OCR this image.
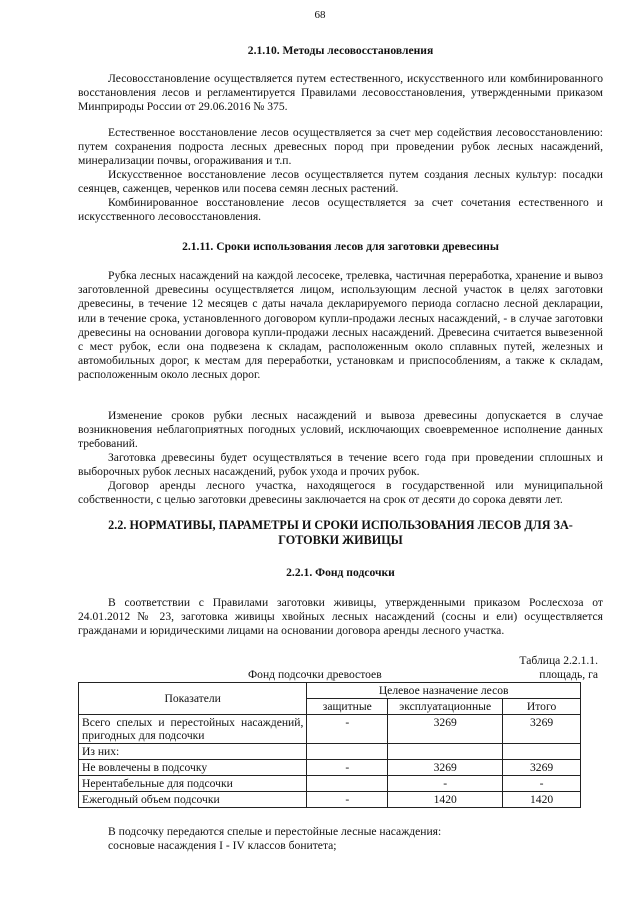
68
2.1.10. Методы лесовосстановления

Лесовосстановление осуществляется путем естественного, искусственного или комбинированного восстановления лесов и регламентируется Правилами лесовосстановления, утвержденными приказом Минприроды России от 29.06.2016 № 375.

Естественное восстановление лесов осуществляется за счет мер содействия лесовосстановлению: путем сохранения подроста лесных древесных пород при проведении рубок лесных насаждений, минерализации почвы, огораживания и т.п.

Искусственное восстановление лесов осуществляется путем создания лесных культур: посадки сеянцев, саженцев, черенков или посева семян лесных растений.

Комбинированное восстановление лесов осуществляется за счет сочетания естественного и искусственного лесовосстановления.

2.1.11. Сроки использования лесов для заготовки древесины

Рубка лесных насаждений на каждой лесосеке, трелевка, частичная переработка, хранение и вывоз заготовленной древесины осуществляется лицом, использующим лесной участок в целях заготовки древесины, в течение 12 месяцев с даты начала декларируемого периода согласно лесной декларации, или в течение срока, установленного договором купли-продажи лесных насаждений, - в случае заготовки древесины на основании договора купли-продажи лесных насаждений. Древесина считается вывезенной с мест рубок, если она подвезена к складам, расположенным около сплавных путей, железных и автомобильных дорог, к местам для переработки, установкам и приспособлениям, а также к складам, расположенным около лесных дорог.

Изменение сроков рубки лесных насаждений и вывоза древесины допускается в случае возникновения неблагоприятных погодных условий, исключающих своевременное исполнение данных требований.

Заготовка древесины будет осуществляться в течение всего года при проведении сплошных и выборочных рубок лесных насаждений, рубок ухода и прочих рубок.

Договор аренды лесного участка, находящегося в государственной или муниципальной собственности, с целью заготовки древесины заключается на срок от десяти до сорока девяти лет.

2.2. НОРМАТИВЫ, ПАРАМЕТРЫ И СРОКИ ИСПОЛЬЗОВАНИЯ ЛЕСОВ ДЛЯ ЗА-
ГОТОВКИ ЖИВИЦЫ
2.2.1. Фонд подсочки

В соответствии с Правилами заготовки живицы, утвержденными приказом Рослесхоза от 24.01.2012 № 23, заготовка живицы хвойных лесных насаждений (сосны и ели) осуществляется гражданами и юридическими лицами на основании договора аренды лесного участка.

Таблица 2.2.1.1.
Фонд подсочки древостоев	площадь, га
Показатели	Целевое назначение лесов		
	защитные	эксплуатационные	Итого
Всего спелых и перестойных насаждений, пригодных для подсочки	-	3269	3269
Из них:			
Не вовлечены в подсочку	-	3269	3269
Нерентабельные для подсочки		-	-
Ежегодный объем подсочки	-	1420	1420
В подсочку передаются спелые и перестойные лесные насаждения:
сосновые насаждения I - IV классов бонитета;
